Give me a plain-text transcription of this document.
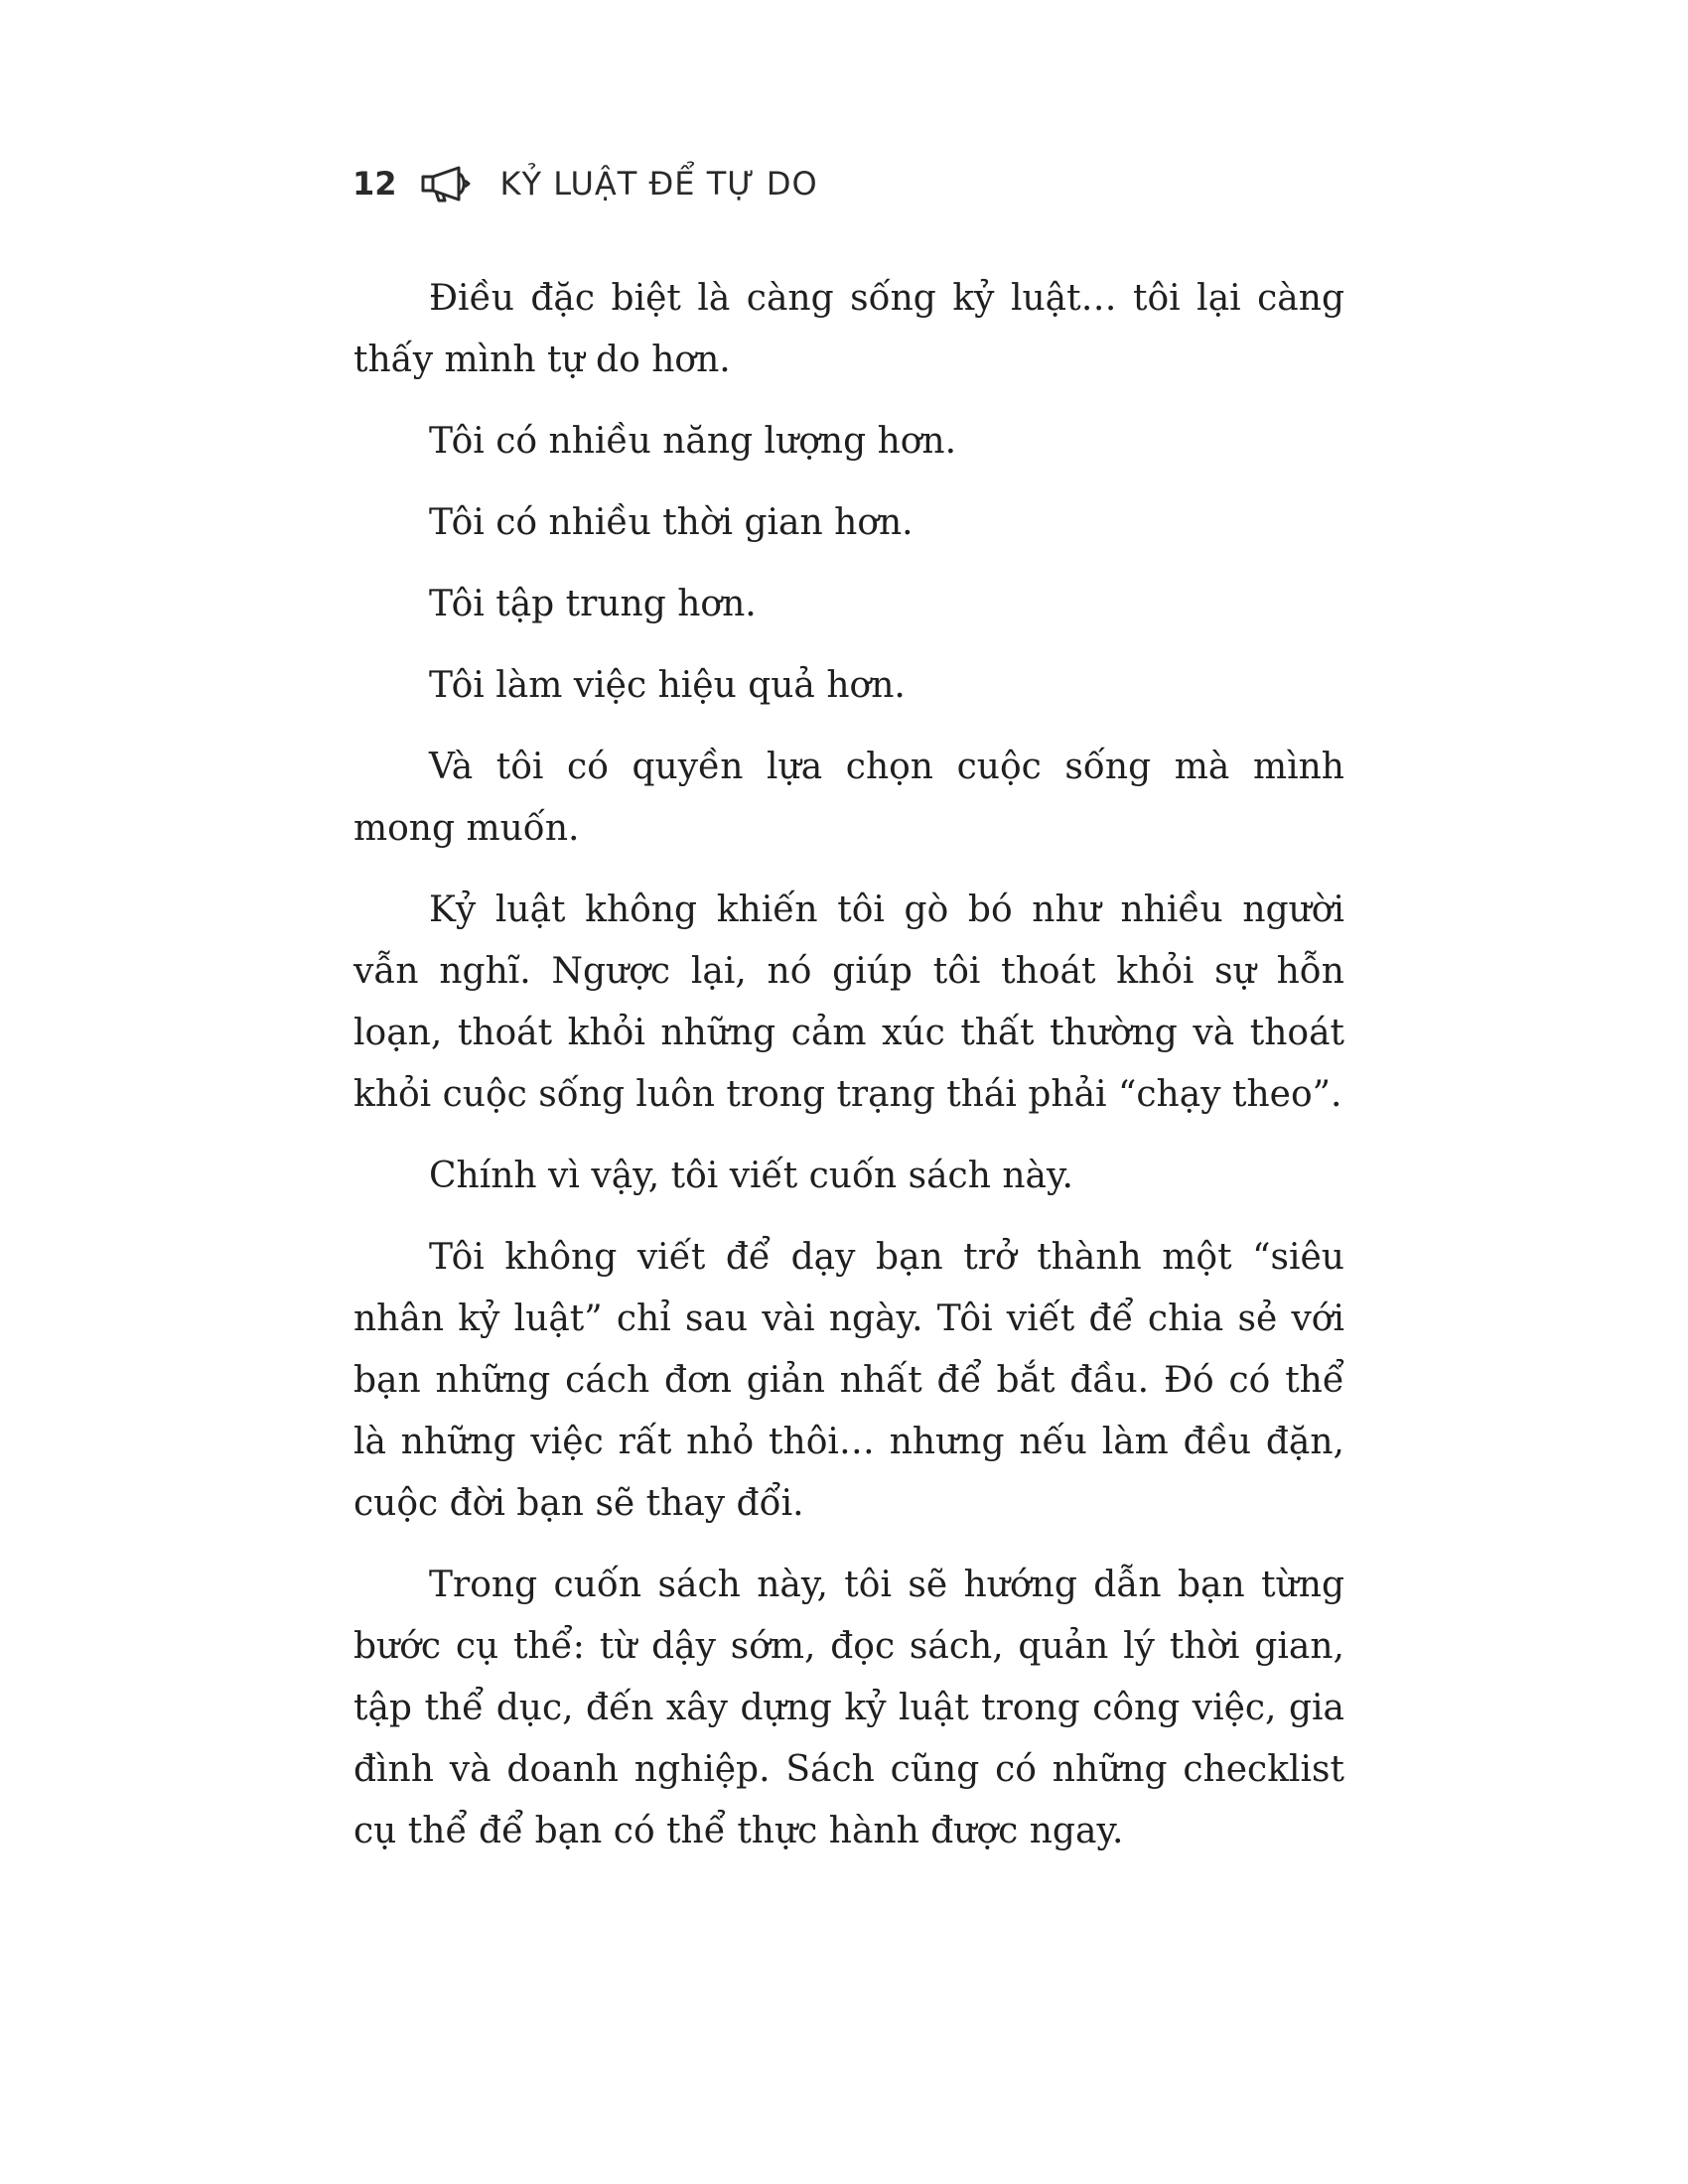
12	KỶ LUẬT ĐỂ TỰ DO

Điều đặc biệt là càng sống kỷ luật… tôi lại càng thấy mình tự do hơn.

Tôi có nhiều năng lượng hơn.

Tôi có nhiều thời gian hơn.

Tôi tập trung hơn.

Tôi làm việc hiệu quả hơn.

Và tôi có quyền lựa chọn cuộc sống mà mình mong muốn.

Kỷ luật không khiến tôi gò bó như nhiều người vẫn nghĩ. Ngược lại, nó giúp tôi thoát khỏi sự hỗn loạn, thoát khỏi những cảm xúc thất thường và thoát khỏi cuộc sống luôn trong trạng thái phải “chạy theo”.

Chính vì vậy, tôi viết cuốn sách này.

Tôi không viết để dạy bạn trở thành một “siêu nhân kỷ luật” chỉ sau vài ngày. Tôi viết để chia sẻ với bạn những cách đơn giản nhất để bắt đầu. Đó có thể là những việc rất nhỏ thôi… nhưng nếu làm đều đặn, cuộc đời bạn sẽ thay đổi.

Trong cuốn sách này, tôi sẽ hướng dẫn bạn từng bước cụ thể: từ dậy sớm, đọc sách, quản lý thời gian, tập thể dục, đến xây dựng kỷ luật trong công việc, gia đình và doanh nghiệp. Sách cũng có những checklist cụ thể để bạn có thể thực hành được ngay.
